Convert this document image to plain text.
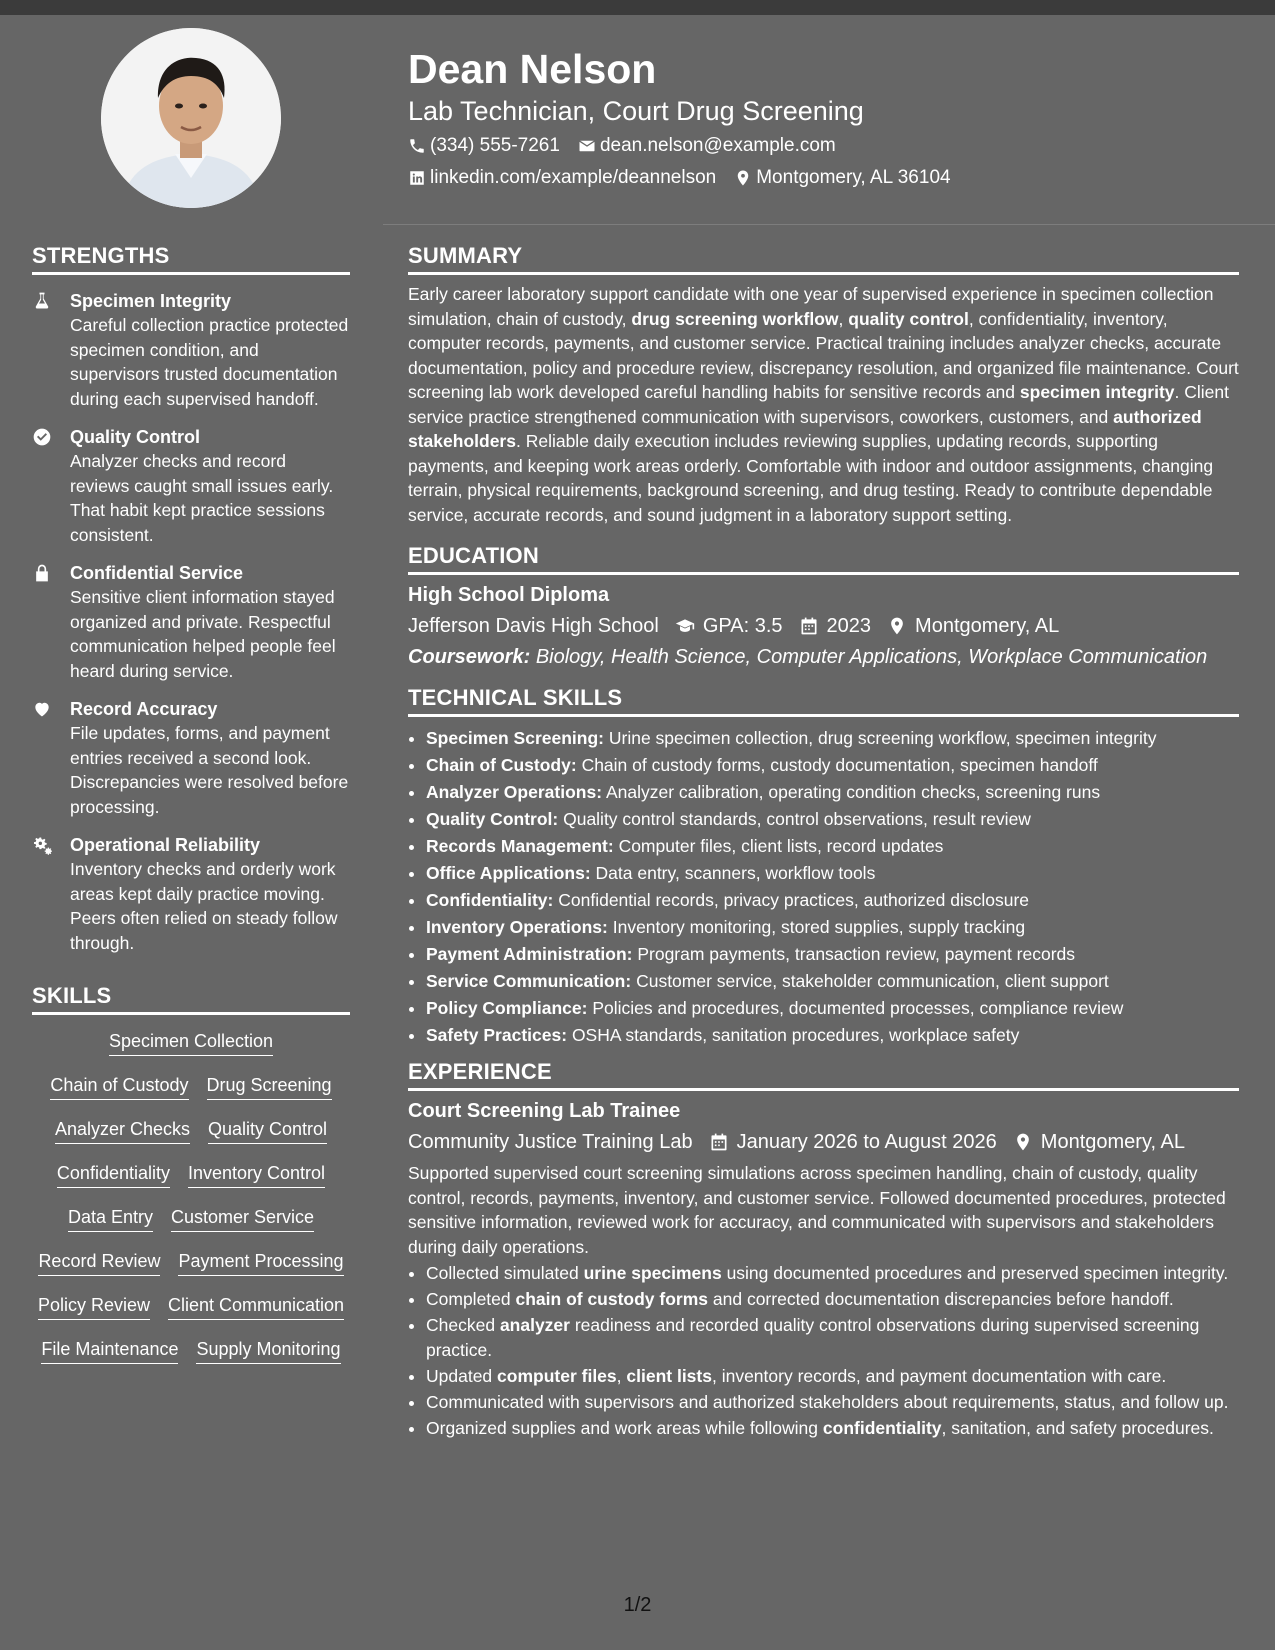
Dean Nelson
Lab Technician, Court Drug Screening
(334) 555-7261 dean.nelson@example.com
linkedin.com/example/deannelson Montgomery, AL 36104
STRENGTHS
Specimen Integrity
Careful collection practice protected specimen condition, and supervisors trusted documentation during each supervised handoff.
Quality Control
Analyzer checks and record reviews caught small issues early. That habit kept practice sessions consistent.
Confidential Service
Sensitive client information stayed organized and private. Respectful communication helped people feel heard during service.
Record Accuracy
File updates, forms, and payment entries received a second look. Discrepancies were resolved before processing.
Operational Reliability
Inventory checks and orderly work areas kept daily practice moving. Peers often relied on steady follow through.
SKILLS
Specimen Collection
Chain of Custody Drug Screening
Analyzer Checks Quality Control
Confidentiality Inventory Control
Data Entry Customer Service
Record Review Payment Processing
Policy Review Client Communication
File Maintenance Supply Monitoring
SUMMARY
Early career laboratory support candidate with one year of supervised experience in specimen collection simulation, chain of custody, drug screening workflow, quality control, confidentiality, inventory, computer records, payments, and customer service. Practical training includes analyzer checks, accurate documentation, policy and procedure review, discrepancy resolution, and organized file maintenance. Court screening lab work developed careful handling habits for sensitive records and specimen integrity. Client service practice strengthened communication with supervisors, coworkers, customers, and authorized stakeholders. Reliable daily execution includes reviewing supplies, updating records, supporting payments, and keeping work areas orderly. Comfortable with indoor and outdoor assignments, changing terrain, physical requirements, background screening, and drug testing. Ready to contribute dependable service, accurate records, and sound judgment in a laboratory support setting.
EDUCATION
High School Diploma
Jefferson Davis High School GPA: 3.5 2023 Montgomery, AL
Coursework: Biology, Health Science, Computer Applications, Workplace Communication
TECHNICAL SKILLS
• Specimen Screening: Urine specimen collection, drug screening workflow, specimen integrity
• Chain of Custody: Chain of custody forms, custody documentation, specimen handoff
• Analyzer Operations: Analyzer calibration, operating condition checks, screening runs
• Quality Control: Quality control standards, control observations, result review
• Records Management: Computer files, client lists, record updates
• Office Applications: Data entry, scanners, workflow tools
• Confidentiality: Confidential records, privacy practices, authorized disclosure
• Inventory Operations: Inventory monitoring, stored supplies, supply tracking
• Payment Administration: Program payments, transaction review, payment records
• Service Communication: Customer service, stakeholder communication, client support
• Policy Compliance: Policies and procedures, documented processes, compliance review
• Safety Practices: OSHA standards, sanitation procedures, workplace safety
EXPERIENCE
Court Screening Lab Trainee
Community Justice Training Lab January 2026 to August 2026 Montgomery, AL
Supported supervised court screening simulations across specimen handling, chain of custody, quality control, records, payments, inventory, and customer service. Followed documented procedures, protected sensitive information, reviewed work for accuracy, and communicated with supervisors and stakeholders during daily operations.
• Collected simulated urine specimens using documented procedures and preserved specimen integrity.
• Completed chain of custody forms and corrected documentation discrepancies before handoff.
• Checked analyzer readiness and recorded quality control observations during supervised screening practice.
• Updated computer files, client lists, inventory records, and payment documentation with care.
• Communicated with supervisors and authorized stakeholders about requirements, status, and follow up.
• Organized supplies and work areas while following confidentiality, sanitation, and safety procedures.
1/2
